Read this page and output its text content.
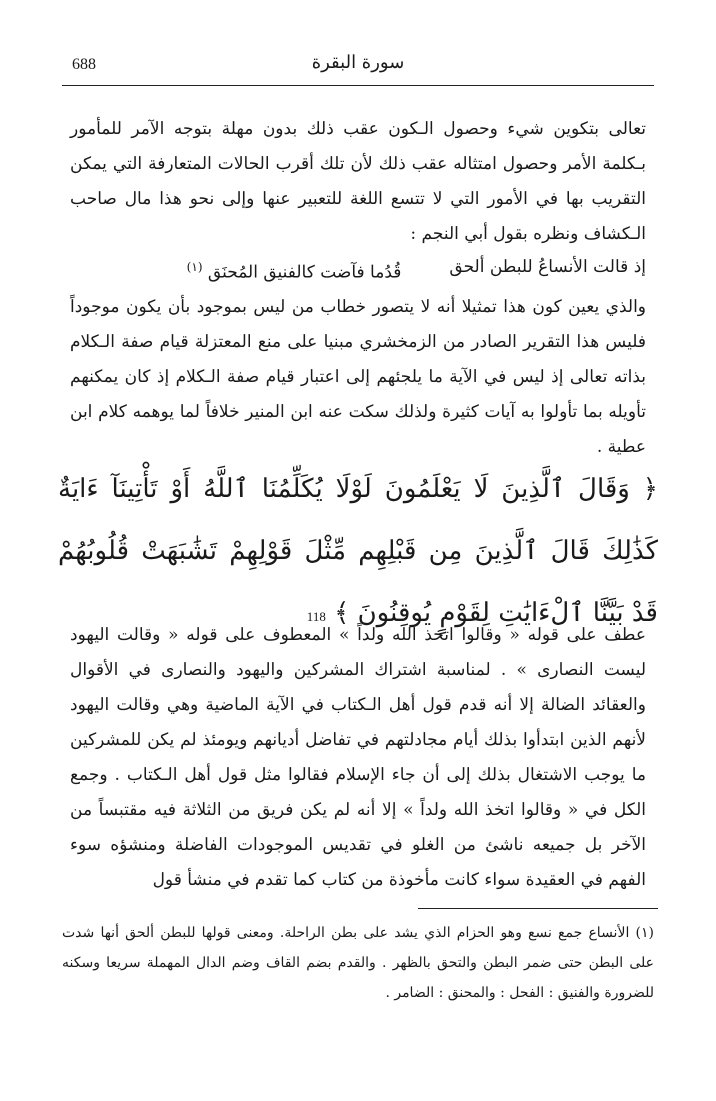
688	سورة البقرة
تعالى بتكوين شيء وحصول الـكون عقب ذلك بدون مهلة بتوجه الآمر للمأمور بـكلمة الأمر وحصول امتثاله عقب ذلك لأن تلك أقرب الحالات المتعارفة التي يمكن التقريب بها في الأمور التي لا تتسع اللغة للتعبير عنها وإلى نحو هذا مال صاحب الـكشاف ونظره بقول أبي النجم :
إذ قالت الأنساعُ للبطن ألحق
قُدُما فآضت كالفنيق المُحنَق $^{(١)}$
والذي يعين كون هذا تمثيلا أنه لا يتصور خطاب من ليس بموجود بأن يكون موجوداً فليس هذا التقرير الصادر من الزمخشري مبنيا على منع المعتزلة قيام صفة الـكلام بذاته تعالى إذ ليس في الآية ما يلجئهم إلى اعتبار قيام صفة الـكلام إذ كان يمكنهم تأويله بما تأولوا به آيات كثيرة ولذلك سكت عنه ابن المنير خلافاً لما يوهمه كلام ابن عطية .
﴿ وَقَالَ ٱلَّذِينَ لَا يَعْلَمُونَ لَوْلَا يُكَلِّمُنَا ٱللَّهُ أَوْ تَأْتِينَآ ءَايَةٌ كَذَٰلِكَ قَالَ ٱلَّذِينَ مِن قَبْلِهِم مِّثْلَ قَوْلِهِمْ تَشَٰبَهَتْ قُلُوبُهُمْ قَدْ بَيَّنَّا ٱلْءَايَٰتِ لِقَوْمٍ يُوقِنُونَ ﴾ 118
عطف على قوله « وقالوا اتخذ الله ولداً » المعطوف على قوله « وقالت اليهود ليست النصارى » . لمناسبة اشتراك المشركين واليهود والنصارى في الأقوال والعقائد الضالة إلا أنه قدم قول أهل الـكتاب في الآية الماضية وهي وقالت اليهود لأنهم الذين ابتدأوا بذلك أيام مجادلتهم في تفاضل أديانهم ويومئذ لم يكن للمشركين ما يوجب الاشتغال بذلك إلى أن جاء الإسلام فقالوا مثل قول أهل الـكتاب . وجمع الكل في « وقالوا اتخذ الله ولداً » إلا أنه لم يكن فريق من الثلاثة فيه مقتبساً من الآخر بل جميعه ناشئ من الغلو في تقديس الموجودات الفاضلة ومنشؤه سوء الفهم في العقيدة سواء كانت مأخوذة من كتاب كما تقدم في منشأ قول
(١) الأنساع جمع نسع وهو الحزام الذي يشد على بطن الراحلة. ومعنى قولها للبطن ألحق أنها شدت على البطن حتى ضمر البطن والتحق بالظهر . والقدم بضم القاف وضم الدال المهملة سريعا وسكنه للضرورة والفنيق : الفحل : والمحنق : الضامر .
